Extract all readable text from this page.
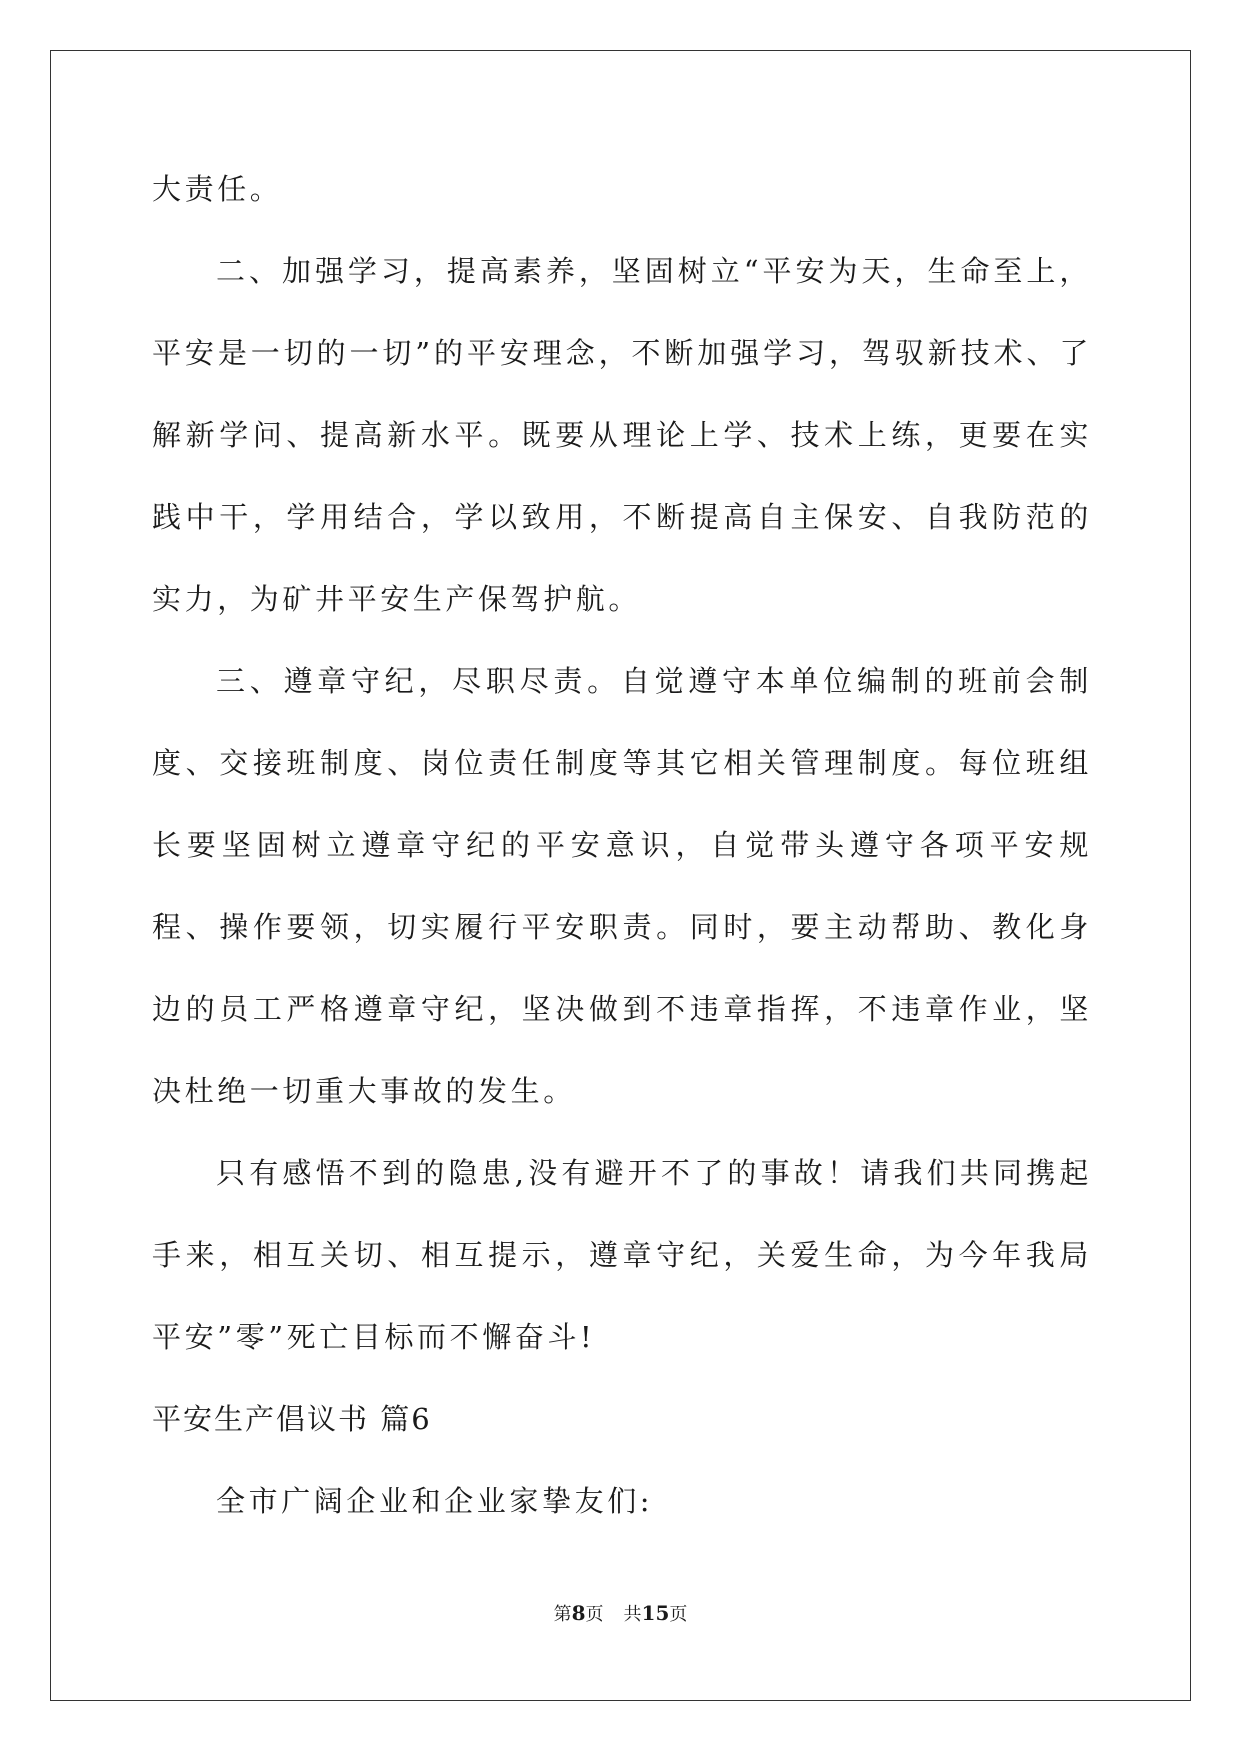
大责任。

二、加强学习，提高素养，坚固树立“平安为天，生命至上，平安是一切的一切”的平安理念，不断加强学习，驾驭新技术、了解新学问、提高新水平。既要从理论上学、技术上练，更要在实践中干，学用结合，学以致用，不断提高自主保安、自我防范的实力，为矿井平安生产保驾护航。

三、遵章守纪，尽职尽责。自觉遵守本单位编制的班前会制度、交接班制度、岗位责任制度等其它相关管理制度。每位班组长要坚固树立遵章守纪的平安意识，自觉带头遵守各项平安规程、操作要领，切实履行平安职责。同时，要主动帮助、教化身边的员工严格遵章守纪，坚决做到不违章指挥，不违章作业，坚决杜绝一切重大事故的发生。

只有感悟不到的隐患,没有避开不了的事故！请我们共同携起手来，相互关切、相互提示，遵章守纪，关爱生命，为今年我局平安”零”死亡目标而不懈奋斗!

平安生产倡议书 篇6

全市广阔企业和企业家挚友们:

第8页 共15页
